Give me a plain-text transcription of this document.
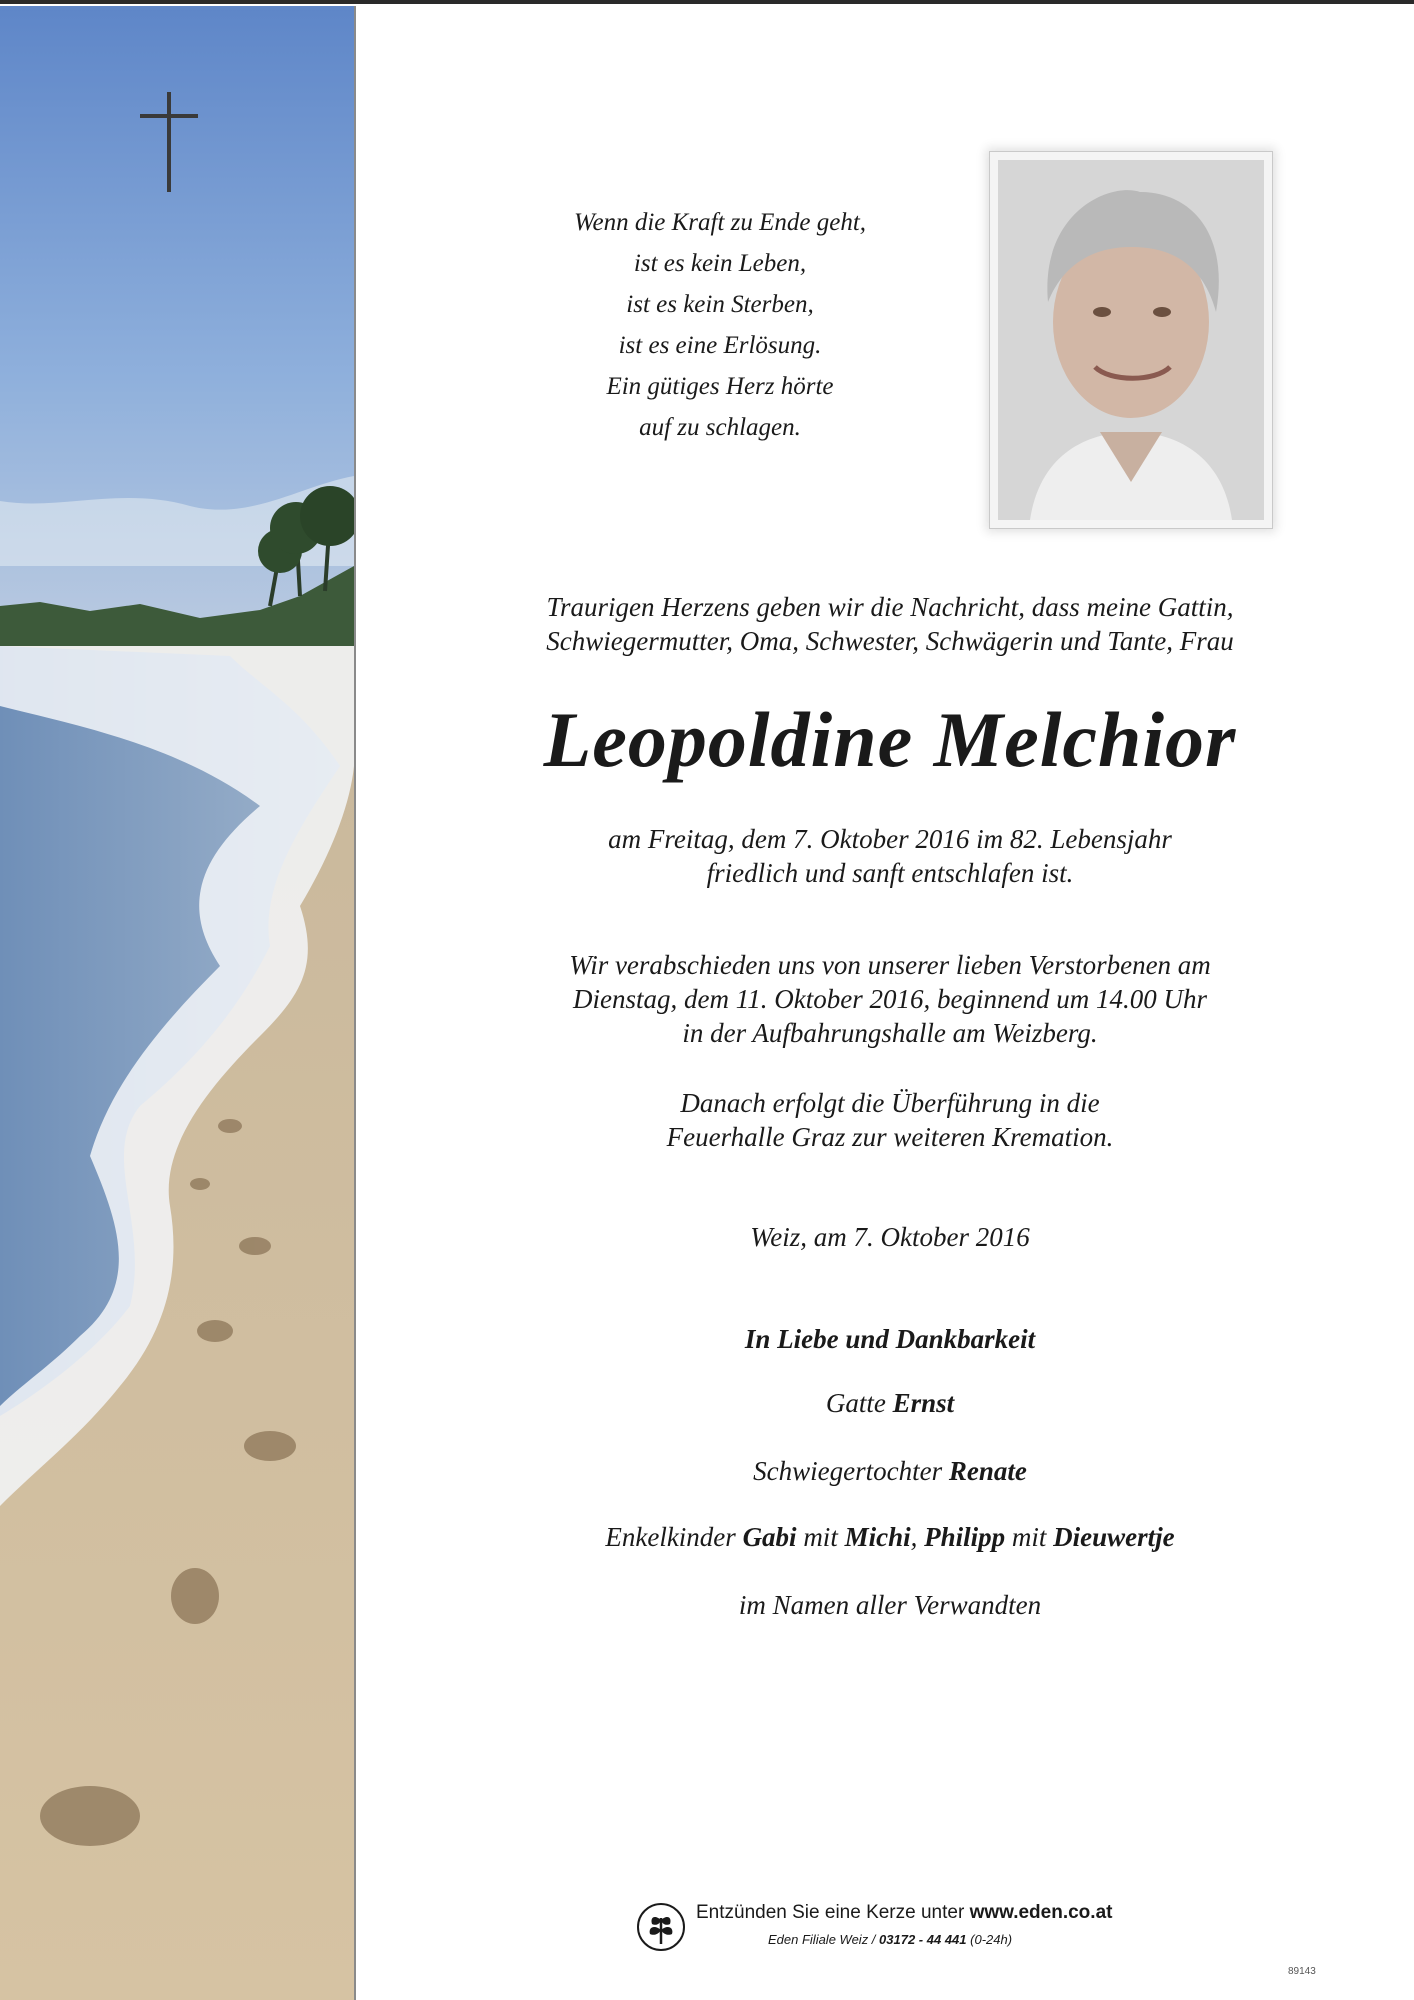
Wenn die Kraft zu Ende geht,
ist es kein Leben,
ist es kein Sterben,
ist es eine Erlösung.
Ein gütiges Herz hörte
auf zu schlagen.
Traurigen Herzens geben wir die Nachricht, dass meine Gattin,
Schwiegermutter, Oma, Schwester, Schwägerin und Tante, Frau
Leopoldine Melchior
am Freitag, dem 7. Oktober 2016 im 82. Lebensjahr
friedlich und sanft entschlafen ist.
Wir verabschieden uns von unserer lieben Verstorbenen am
Dienstag, dem 11. Oktober 2016, beginnend um 14.00 Uhr
in der Aufbahrungshalle am Weizberg.
Danach erfolgt die Überführung in die
Feuerhalle Graz zur weiteren Kremation.
Weiz, am 7. Oktober 2016
In Liebe und Dankbarkeit
Gatte Ernst
Schwiegertochter Renate
Enkelkinder Gabi mit Michi, Philipp mit Dieuwertje
im Namen aller Verwandten
Entzünden Sie eine Kerze unter www.eden.co.at
Eden Filiale Weiz / 03172 - 44 441 (0-24h)
89143
